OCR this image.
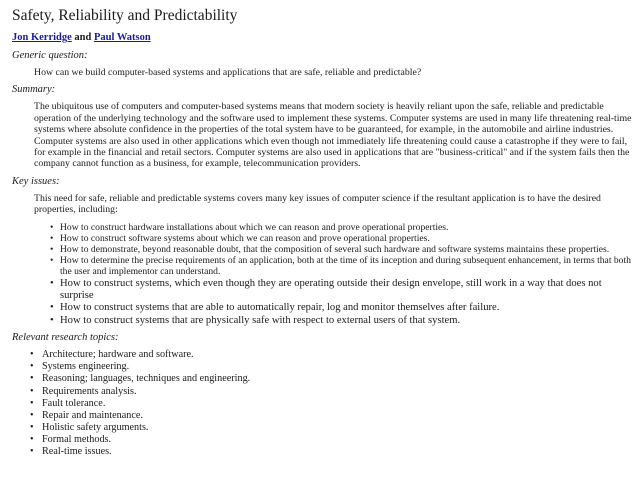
Safety, Reliability and Predictability
Jon Kerridge and Paul Watson
Generic question:
How can we build computer-based systems and applications that are safe, reliable and predictable?
Summary:
The ubiquitous use of computers and computer-based systems means that modern society is heavily reliant upon the safe, reliable and predictable operation of the underlying technology and the software used to implement these systems. Computer systems are used in many life threatening real-time systems where absolute confidence in the properties of the total system have to be guaranteed, for example, in the automobile and airline industries. Computer systems are also used in other applications which even though not immediately life threatening could cause a catastrophe if they were to fail, for example in the financial and retail sectors. Computer systems are also used in applications that are "business-critical" and if the system fails then the company cannot function as a business, for example, telecommunication providers.
Key issues:
This need for safe, reliable and predictable systems covers many key issues of computer science if the resultant application is to have the desired properties, including:
• How to construct hardware installations about which we can reason and prove operational properties.
• How to construct software systems about which we can reason and prove operational properties.
• How to demonstrate, beyond reasonable doubt, that the composition of several such hardware and software systems maintains these properties.
• How to determine the precise requirements of an application, both at the time of its inception and during subsequent enhancement, in terms that both the user and implementor can understand.
• How to construct systems, which even though they are operating outside their design envelope, still work in a way that does not surprise
• How to construct systems that are able to automatically repair, log and monitor themselves after failure.
• How to construct systems that are physically safe with respect to external users of that system.
Relevant research topics:
• Architecture; hardware and software.
• Systems engineering.
• Reasoning; languages, techniques and engineering.
• Requirements analysis.
• Fault tolerance.
• Repair and maintenance.
• Holistic safety arguments.
• Formal methods.
• Real-time issues.
